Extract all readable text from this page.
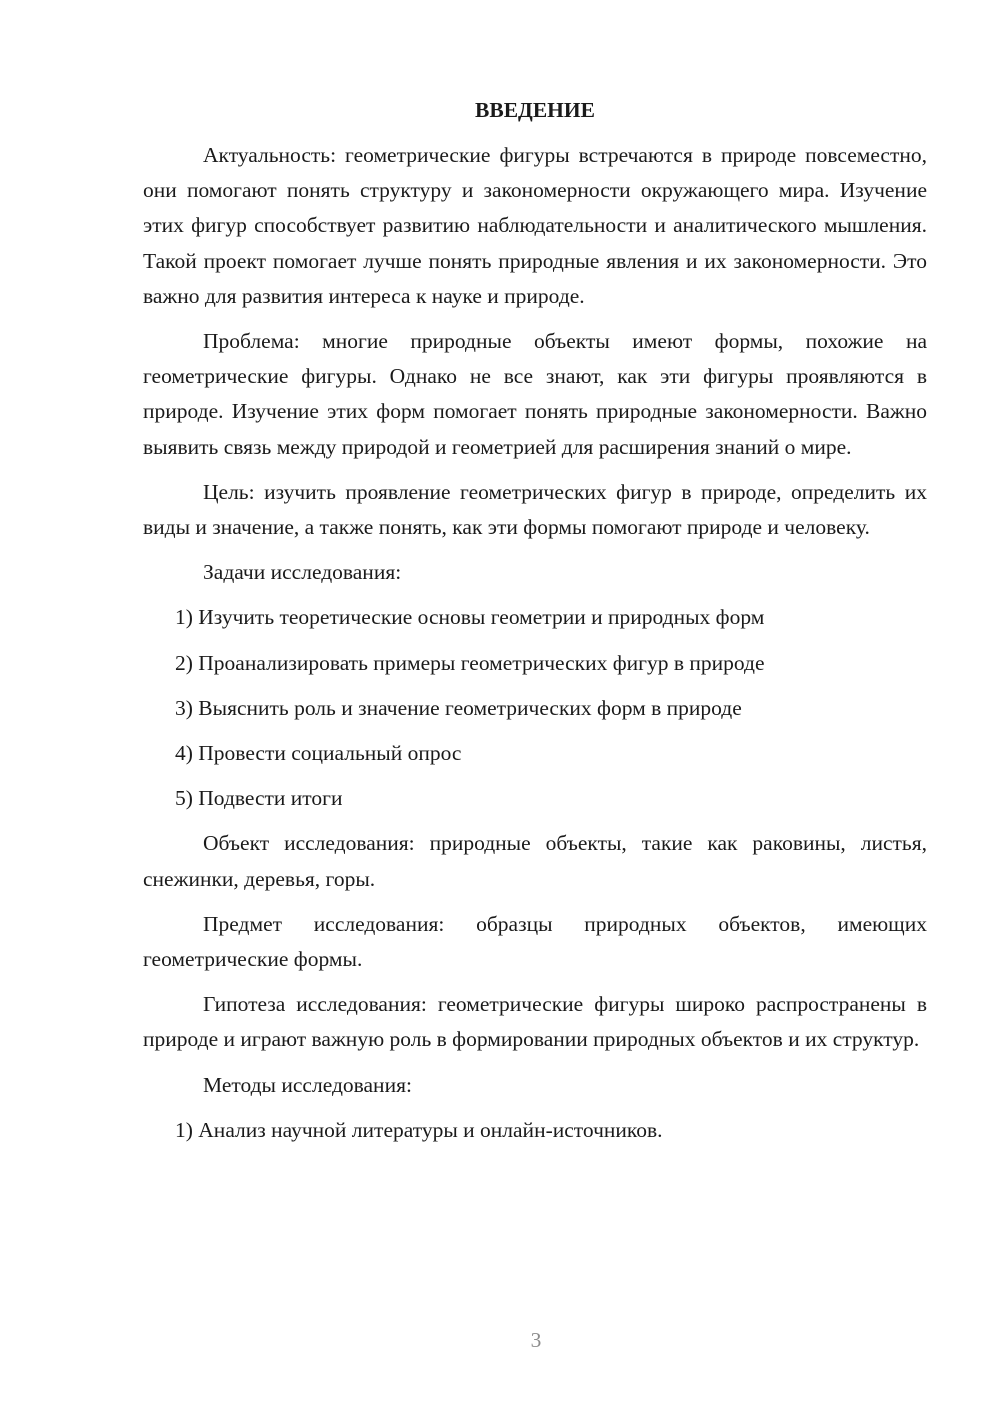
ВВЕДЕНИЕ

Актуальность: геометрические фигуры встречаются в природе повсеместно, они помогают понять структуру и закономерности окружающего мира. Изучение этих фигур способствует развитию наблюдательности и аналитического мышления. Такой проект помогает лучше понять природные явления и их закономерности. Это важно для развития интереса к науке и природе.

Проблема: многие природные объекты имеют формы, похожие на геометрические фигуры. Однако не все знают, как эти фигуры проявляются в природе. Изучение этих форм помогает понять природные закономерности. Важно выявить связь между природой и геометрией для расширения знаний о мире.

Цель: изучить проявление геометрических фигур в природе, определить их виды и значение, а также понять, как эти формы помогают природе и человеку.

Задачи исследования:

1) Изучить теоретические основы геометрии и природных форм
2) Проанализировать примеры геометрических фигур в природе
3) Выяснить роль и значение геометрических форм в природе
4) Провести социальный опрос
5) Подвести итоги

Объект исследования: природные объекты, такие как раковины, листья, снежинки, деревья, горы.

Предмет исследования: образцы природных объектов, имеющих геометрические формы.

Гипотеза исследования: геометрические фигуры широко распространены в природе и играют важную роль в формировании природных объектов и их структур.

Методы исследования:

1) Анализ научной литературы и онлайн-источников.
3
